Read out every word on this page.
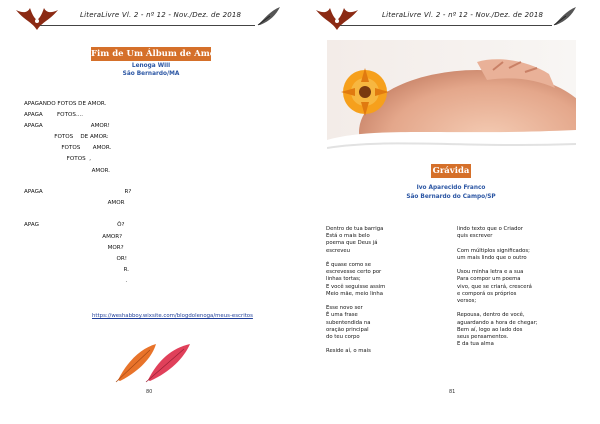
LiteraLivre Vl. 2 - nº 12 - Nov./Dez. de 2018
Fim de Um Álbum de Amor
Lenoga Will
São Bernardo/MA
APAGANDO FOTOS DE AMOR.
APAGA        FOTOS....
APAGA                           AMOR!
FOTOS    DE AMOR:
FOTOS       AMOR.
FOTOS  ,
AMOR.
APAGA                                              R?
AMOR
APAG                                            Ô?
AMOR?
MOR?
OR!
R.
.
https://weshabboy.wixsite.com/blogdolenoga/meus-escritos
80
LiteraLivre Vl. 2 - nº 12 - Nov./Dez. de 2018
Grávida
Ivo Aparecido Franco
São Bernardo do Campo/SP
Dentro de tua barriga
Está o mais belo
poema que Deus já
escreveu

É quase como se
escrevesse certo por
linhas tortas;
E você seguisse assim
Meio mãe, meio linha

Esse novo ser
É uma frase
subentendida na
oração principal
do teu corpo

Reside aí, o mais
lindo texto que o Criador
quis escrever

Com múltiplos significados;
um mais lindo que o outro

Usou minha letra e a sua
Para compor um poema
vivo, que se criará, crescerá
e comporá os próprios
versos;

Repousa, dentro de você,
aguardando a hora de chegar;
Bem aí, logo ao lado dos
seus pensamentos.
E da tua alma
81
